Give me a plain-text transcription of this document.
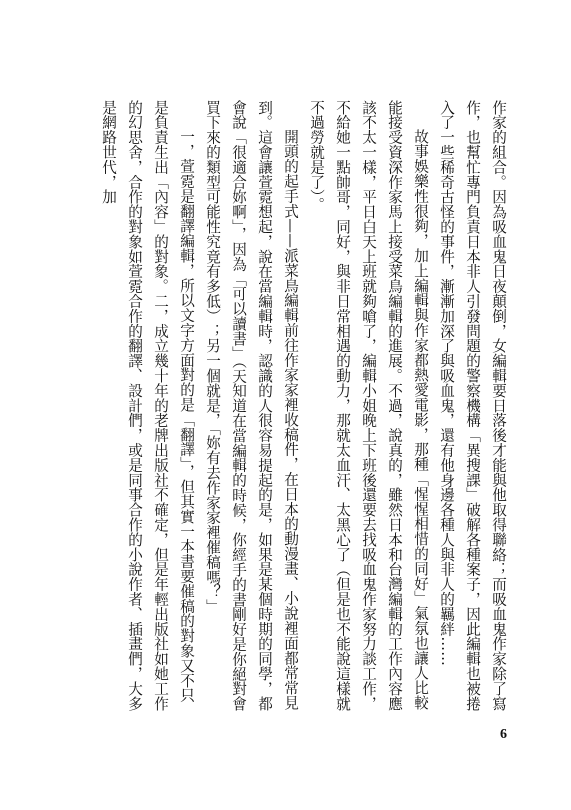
作家的組合。因為吸血鬼日夜顛倒，女編輯要日落後才能與他取得聯絡；而吸血鬼作家除了寫作，也幫忙專門負責日本非人引發問題的警察機構「異搜課」破解各種案子，因此編輯也被捲入了一些稀奇古怪的事件，漸漸加深了與吸血鬼，還有他身邊各種人與非人的羈絆……

故事娛樂性很夠，加上編輯與作家都熱愛電影，那種「惺惺相惜的同好」氣氛也讓人比較能接受資深作家馬上接受菜鳥編輯的進展。不過，說真的，雖然日本和台灣編輯的工作內容應該不太一樣，平日白天上班就夠嗆了，編輯小姐晚上下班後還要去找吸血鬼作家努力談工作，不給她一點帥哥，同好，與非日常相遇的動力，那就太血汗、太黑心了（但是也不能說這樣就不過勞就是了）。

開頭的起手式——派菜鳥編輯前往作家家裡收稿件，在日本的動漫畫、小說裡面都常常見到。這會讓萱霓想起，說在當編輯時，認識的人很容易提起的是，如果是某個時期的同學，都會說「很適合妳啊」，因為「可以讀書」（天知道在當編輯的時候，你經手的書剛好是你絕對會買下來的類型可能性究竟有多低）；另一個就是，「妳有去作家家裡催稿嗎？」

一，萱霓是翻譯編輯，所以文字方面對的是「翻譯」，但其實一本書要催稿的對象又不只是負責生出「內容」的對象。二，成立幾十年的老牌出版社不確定，但是年輕出版社如她工作的幻思舍，合作的對象如萱霓合作的翻譯、設計們，或是同事合作的小說作者、插畫們，大多是網路世代，加

6
